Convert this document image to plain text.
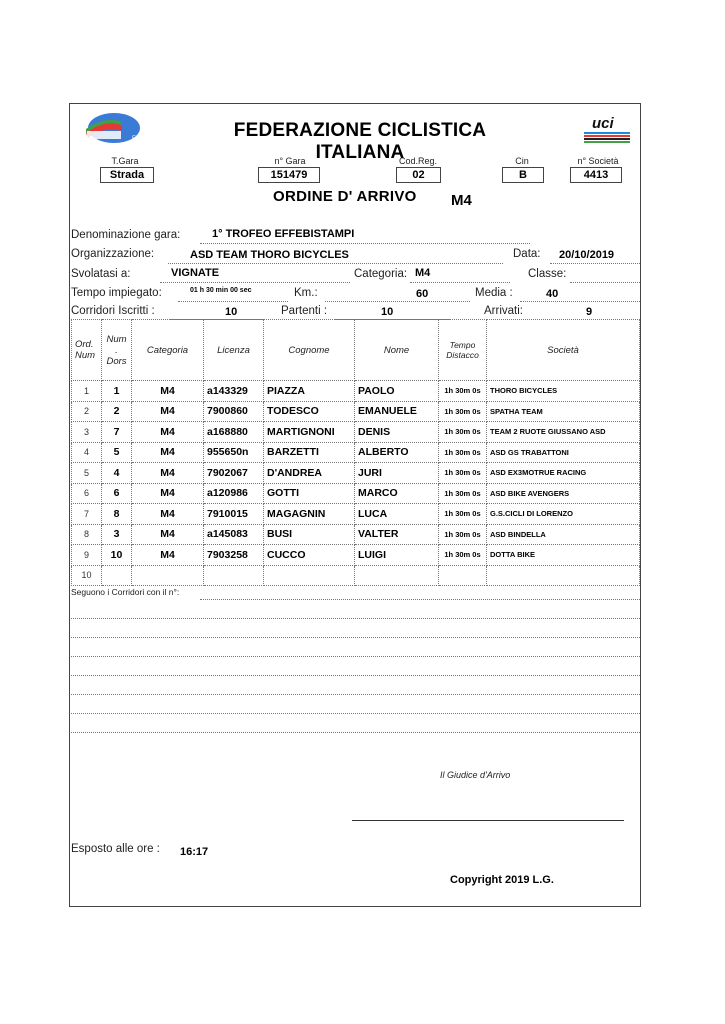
FCI	FEDERAZIONE CICLISTICA ITALIANA
uci
T.Gara
Strada
n° Gara
151479
Cod.Reg.
02
Cin
B
n° Società
4413
ORDINE D' ARRIVO M4
Denominazione gara:	1° TROFEO EFFEBISTAMPI
Organizzazione:	ASD TEAM THORO BICYCLES	Data: 20/10/2019
Svolatasi a:	VIGNATE	Categoria: M4	Classe:
Tempo impiegato:	01 h 30 min 00 sec	Km.:	60	Media :	40
Corridori Iscritti :	10	Partenti :	10	Arrivati:	9
Ord. Num	Num . Dors	Categoria	Licenza	Cognome	Nome	Tempo Distacco	Società
1	1	M4	a143329	PIAZZA	PAOLO	1h 30m 0s	THORO BICYCLES
2	2	M4	7900860	TODESCO	EMANUELE	1h 30m 0s	SPATHA TEAM
3	7	M4	a168880	MARTIGNONI	DENIS	1h 30m 0s	TEAM 2 RUOTE GIUSSANO ASD
4	5	M4	955650n	BARZETTI	ALBERTO	1h 30m 0s	ASD GS TRABATTONI
5	4	M4	7902067	D'ANDREA	JURI	1h 30m 0s	ASD EX3MOTRUE RACING
6	6	M4	a120986	GOTTI	MARCO	1h 30m 0s	ASD BIKE AVENGERS
7	8	M4	7910015	MAGAGNIN	LUCA	1h 30m 0s	G.S.CICLI DI LORENZO
8	3	M4	a145083	BUSI	VALTER	1h 30m 0s	ASD BINDELLA
9	10	M4	7903258	CUCCO	LUIGI	1h 30m 0s	DOTTA BIKE
10							
Seguono i Corridori con il n°:
Il Giudice d'Arrivo
Esposto alle ore : 16:17
Copyright 2019 L.G.
